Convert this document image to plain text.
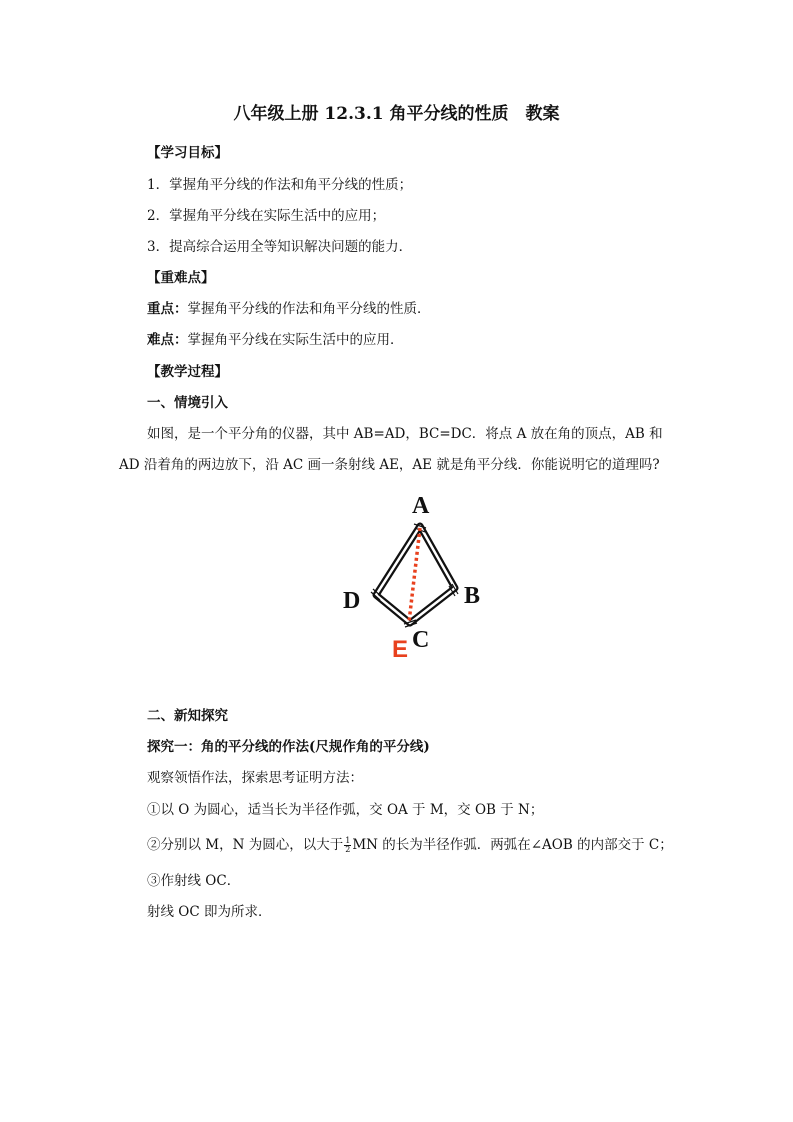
八年级上册 12.3.1 角平分线的性质　教案
【学习目标】
1．掌握角平分线的作法和角平分线的性质；
2．掌握角平分线在实际生活中的应用；
3．提高综合运用全等知识解决问题的能力．
【重难点】
重点：掌握角平分线的作法和角平分线的性质．
难点：掌握角平分线在实际生活中的应用．
【教学过程】
一、情境引入
如图，是一个平分角的仪器，其中 AB=AD，BC=DC．将点 A 放在角的顶点，AB 和
AD 沿着角的两边放下，沿 AC 画一条射线 AE，AE 就是角平分线．你能说明它的道理吗?
A
B
C
D
E
二、新知探究
探究一：角的平分线的作法(尺规作角的平分线)
观察领悟作法，探索思考证明方法：
①以 O 为圆心，适当长为半径作弧，交 OA 于 M，交 OB 于 N；
②分别以 M，N 为圆心，以大于 $\frac{1}{2}$ MN 的长为半径作弧．两弧在∠AOB 的内部交于 C；
③作射线 OC．
射线 OC 即为所求．
